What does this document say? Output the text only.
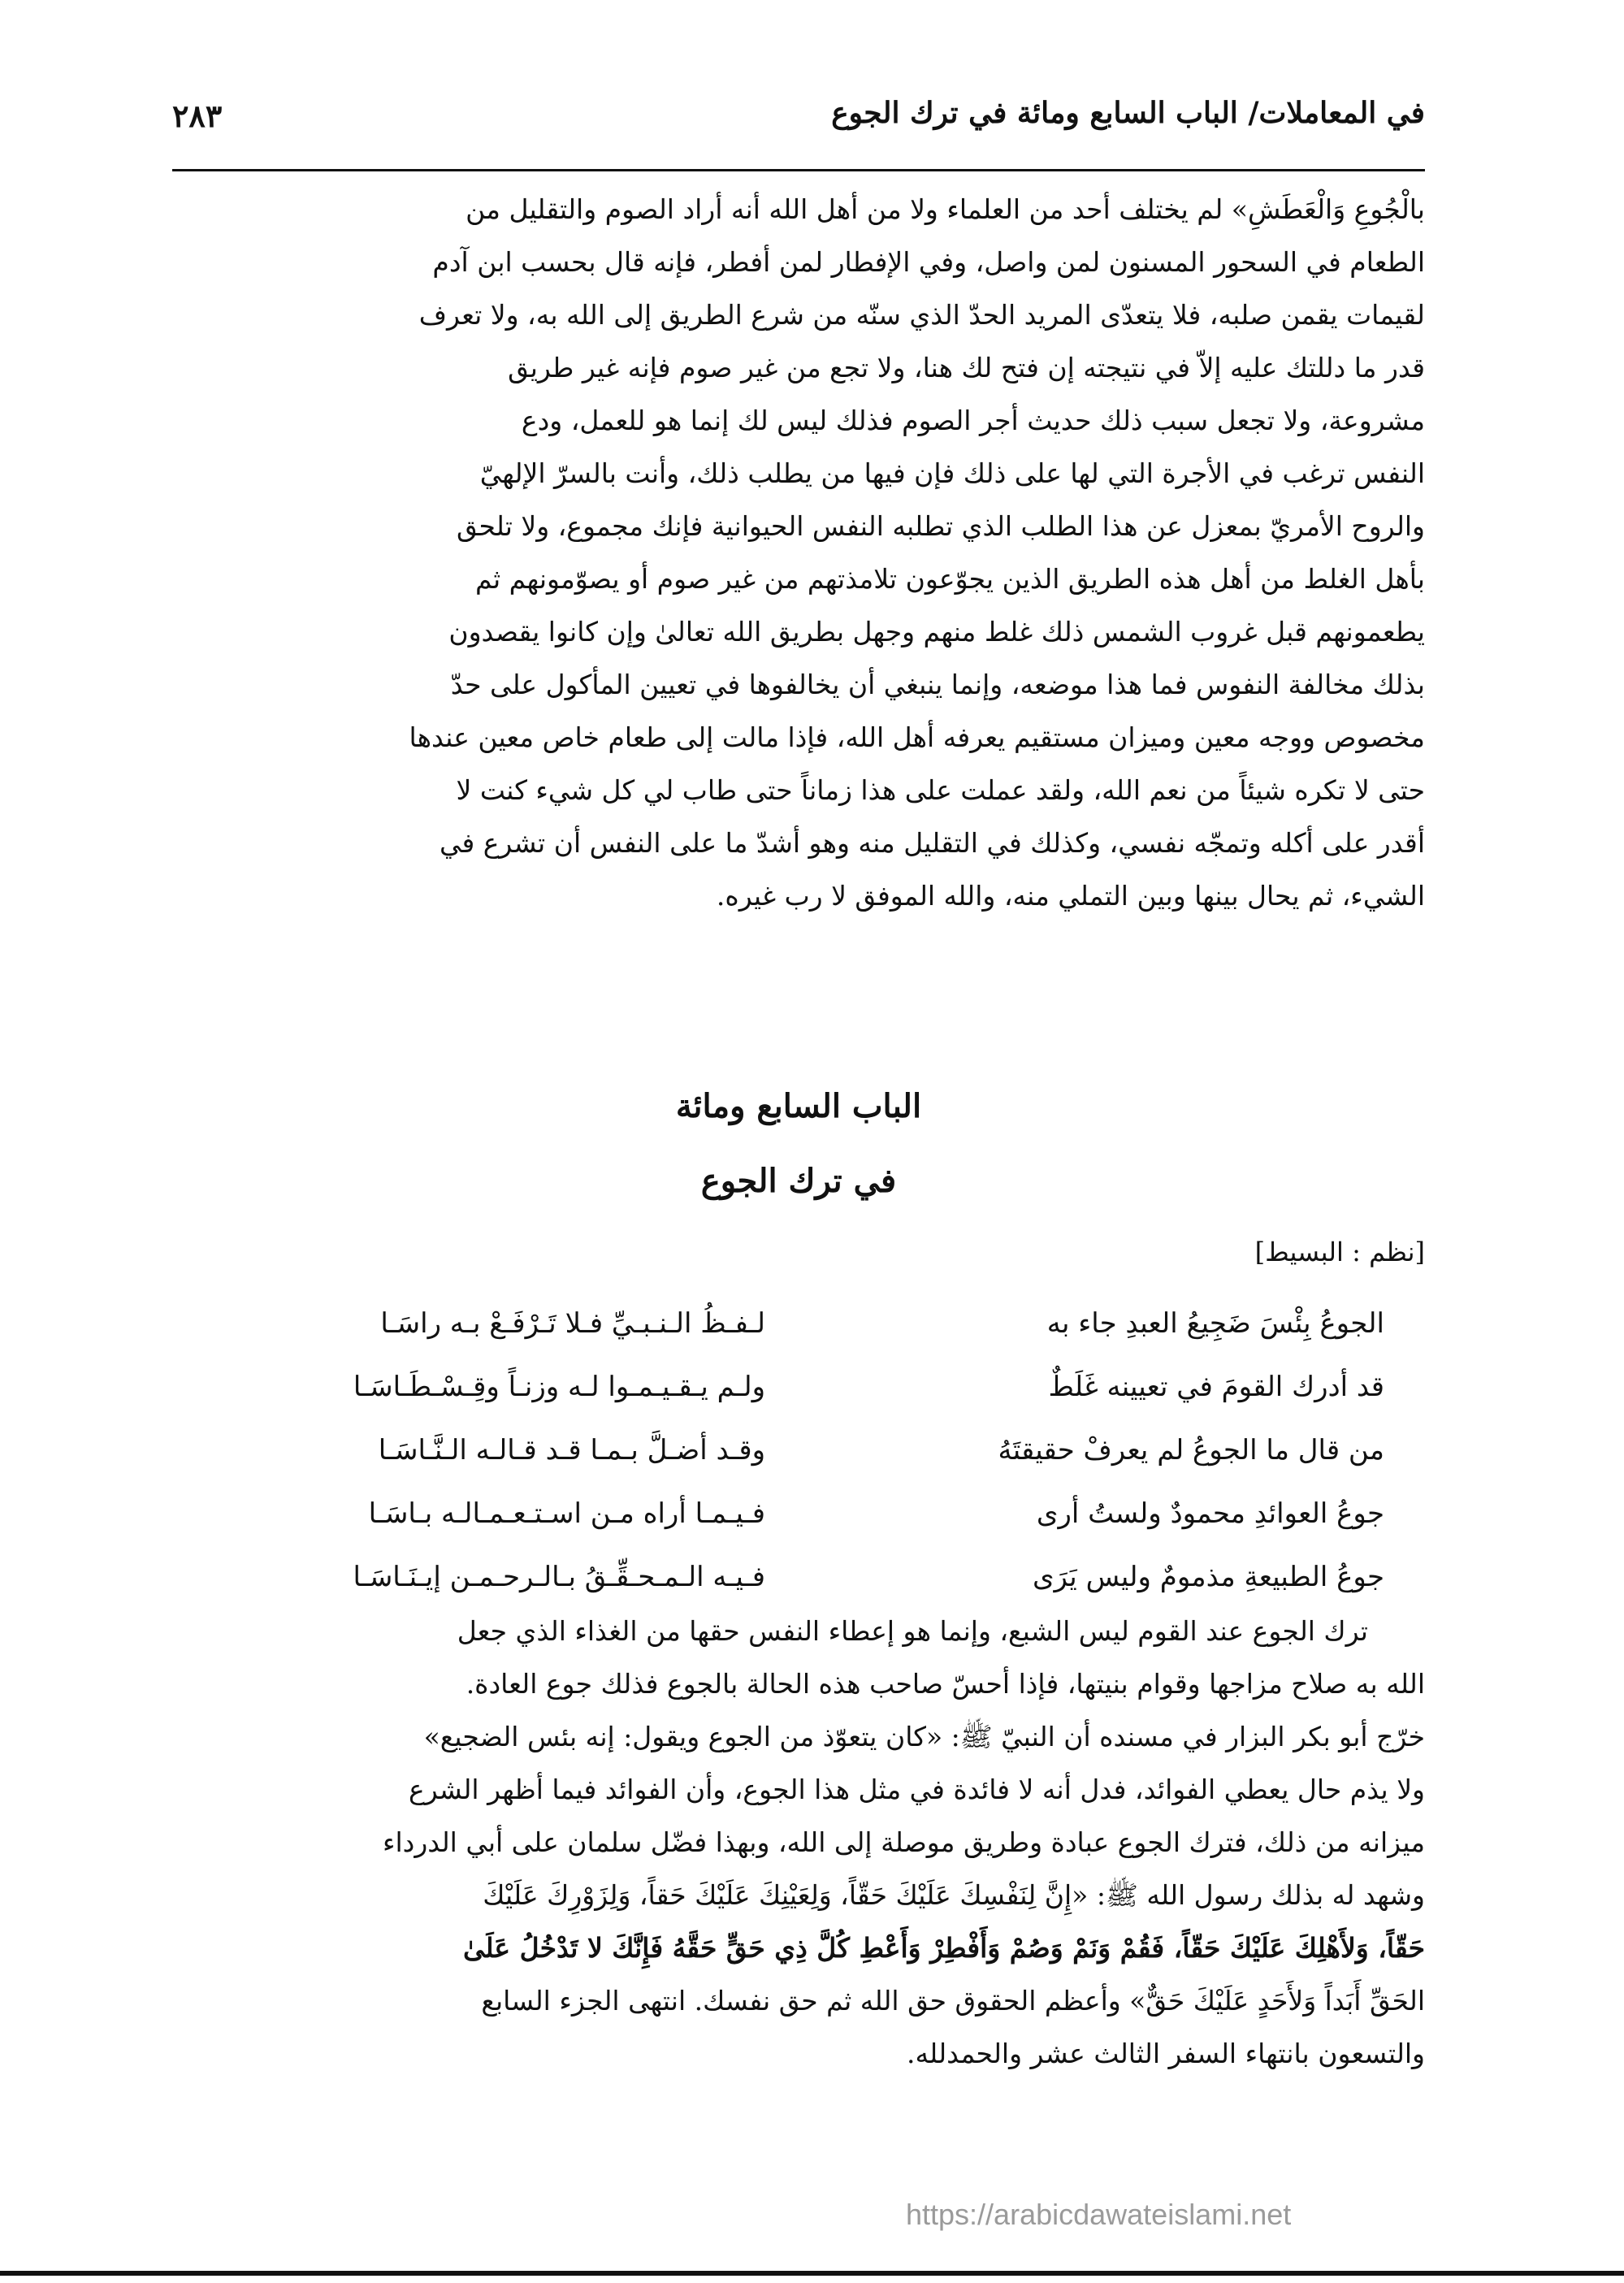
في المعاملات/ الباب السابع ومائة في ترك الجوع
٢٨٣
بالْجُوعِ وَالْعَطَشِ» لم يختلف أحد من العلماء ولا من أهل الله أنه أراد الصوم والتقليل من
الطعام في السحور المسنون لمن واصل، وفي الإفطار لمن أفطر، فإنه قال بحسب ابن آدم
لقيمات يقمن صلبه، فلا يتعدّى المريد الحدّ الذي سنّه من شرع الطريق إلى الله به، ولا تعرف
قدر ما دللتك عليه إلاّ في نتيجته إن فتح لك هنا، ولا تجع من غير صوم فإنه غير طريق
مشروعة، ولا تجعل سبب ذلك حديث أجر الصوم فذلك ليس لك إنما هو للعمل، ودع
النفس ترغب في الأجرة التي لها على ذلك فإن فيها من يطلب ذلك، وأنت بالسرّ الإلهيّ
والروح الأمريّ بمعزل عن هذا الطلب الذي تطلبه النفس الحيوانية فإنك مجموع، ولا تلحق
بأهل الغلط من أهل هذه الطريق الذين يجوّعون تلامذتهم من غير صوم أو يصوّمونهم ثم
يطعمونهم قبل غروب الشمس ذلك غلط منهم وجهل بطريق الله تعالىٰ وإن كانوا يقصدون
بذلك مخالفة النفوس فما هذا موضعه، وإنما ينبغي أن يخالفوها في تعيين المأكول على حدّ
مخصوص ووجه معين وميزان مستقيم يعرفه أهل الله، فإذا مالت إلى طعام خاص معين عندها
حتى لا تكره شيئاً من نعم الله، ولقد عملت على هذا زماناً حتى طاب لي كل شيء كنت لا
أقدر على أكله وتمجّه نفسي، وكذلك في التقليل منه وهو أشدّ ما على النفس أن تشرع في
الشيء، ثم يحال بينها وبين التملي منه، والله الموفق لا رب غيره.
الباب السابع ومائة
في ترك الجوع
[نظم : البسيط]
الجوعُ بِئْسَ ضَجِيعُ العبدِ جاء به
لـفـظُ الـنـبـيِّ فـلا تَـرْفَـعْ بـه راسَـا
قد أدرك القومَ في تعيينه غَلَطٌ
ولـم يـقـيـمـوا لـه وزنـاً وقِـسْـطَـاسَـا
من قال ما الجوعُ لم يعرفْ حقيقتَهُ
وقـد أضـلَّ بـمـا قـد قـالـه الـنَّـاسَـا
جوعُ العوائدِ محمودٌ ولستُ أرى
فـيـمـا أراه مـن اسـتـعـمـالـه بـاسَـا
جوعُ الطبيعةِ مذمومٌ وليس يَرَى
فـيـه الـمـحـقِّـقُ بـالـرحـمـن إيـنَـاسَـا
ترك الجوع عند القوم ليس الشبع، وإنما هو إعطاء النفس حقها من الغذاء الذي جعل
الله به صلاح مزاجها وقوام بنيتها، فإذا أحسّ صاحب هذه الحالة بالجوع فذلك جوع العادة.
خرّج أبو بكر البزار في مسنده أن النبيّ ﷺ: «كان يتعوّذ من الجوع ويقول: إنه بئس الضجيع»
ولا يذم حال يعطي الفوائد، فدل أنه لا فائدة في مثل هذا الجوع، وأن الفوائد فيما أظهر الشرع
ميزانه من ذلك، فترك الجوع عبادة وطريق موصلة إلى الله، وبهذا فضّل سلمان على أبي الدرداء
وشهد له بذلك رسول الله ﷺ: «إِنَّ لِنَفْسِكَ عَلَيْكَ حَقّاً، وَلِعَيْنِكَ عَلَيْكَ حَقاً، وَلِزَوْرِكَ عَلَيْكَ
حَقّاً، وَلأَهْلِكَ عَلَيْكَ حَقّاً، فَقُمْ وَنَمْ وَصُمْ وَأَفْطِرْ وَأَعْطِ كُلَّ ذِي حَقٍّ حَقَّهُ فَإِنَّكَ لا تَدْخُلُ عَلَىٰ
الحَقِّ أَبَداً وَلأَحَدٍ عَلَيْكَ حَقٌّ» وأعظم الحقوق حق الله ثم حق نفسك. انتهى الجزء السابع
والتسعون بانتهاء السفر الثالث عشر والحمدلله.
https://arabicdawateislami.net
